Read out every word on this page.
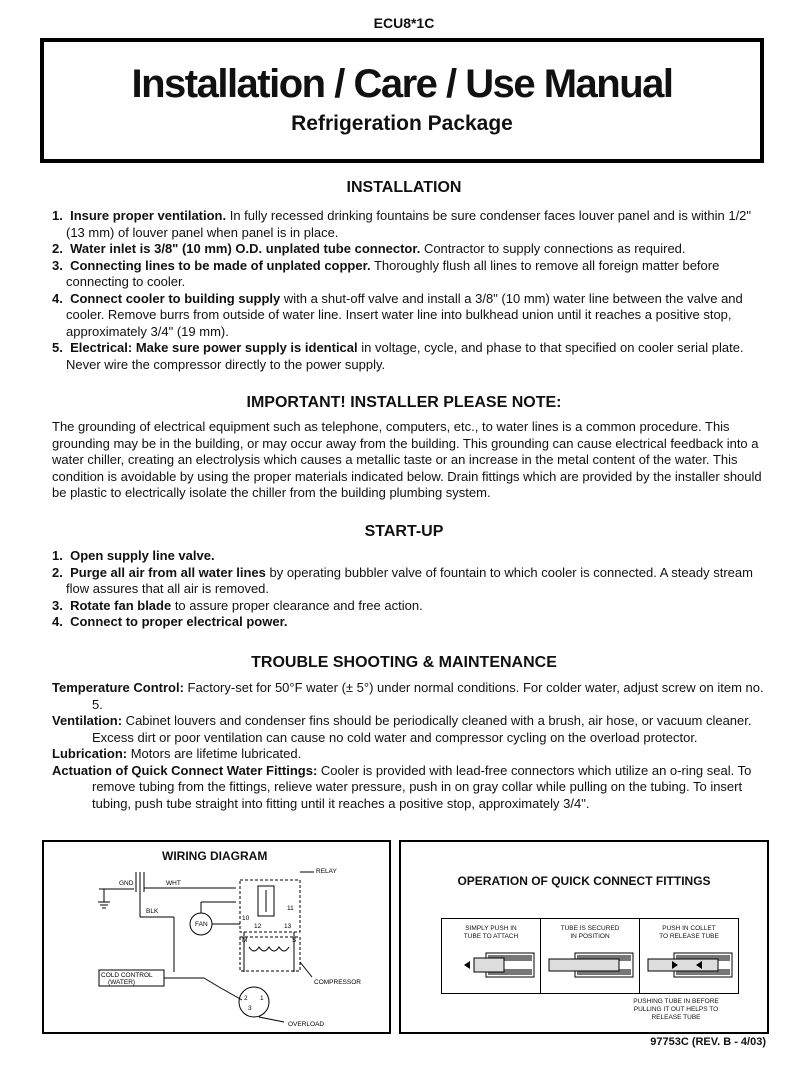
ECU8*1C
Installation / Care / Use Manual
Refrigeration Package
INSTALLATION
1. Insure proper ventilation. In fully recessed drinking fountains be sure condenser faces louver panel and is within 1/2" (13 mm) of louver panel when panel is in place.
2. Water inlet is 3/8" (10 mm) O.D. unplated tube connector. Contractor to supply connections as required.
3. Connecting lines to be made of unplated copper. Thoroughly flush all lines to remove all foreign matter before connecting to cooler.
4. Connect cooler to building supply with a shut-off valve and install a 3/8" (10 mm) water line between the valve and cooler. Remove burrs from outside of water line. Insert water line into bulkhead union until it reaches a positive stop, approximately 3/4" (19 mm).
5. Electrical: Make sure power supply is identical in voltage, cycle, and phase to that specified on cooler serial plate. Never wire the compressor directly to the power supply.
IMPORTANT! INSTALLER PLEASE NOTE:
The grounding of electrical equipment such as telephone, computers, etc., to water lines is a common procedure. This grounding may be in the building, or may occur away from the building. This grounding can cause electrical feedback into a water chiller, creating an electrolysis which causes a metallic taste or an increase in the metal content of the water. This condition is avoidable by using the proper materials indicated below. Drain fittings which are provided by the installer should be plastic to electrically isolate the chiller from the building plumbing system.
START-UP
1. Open supply line valve.
2. Purge all air from all water lines by operating bubbler valve of fountain to which cooler is connected. A steady stream flow assures that all air is removed.
3. Rotate fan blade to assure proper clearance and free action.
4. Connect to proper electrical power.
TROUBLE SHOOTING & MAINTENANCE

Temperature Control: Factory-set for 50°F water (± 5°) under normal conditions. For colder water, adjust screw on item no. 5.

Ventilation: Cabinet louvers and condenser fins should be periodically cleaned with a brush, air hose, or vacuum cleaner. Excess dirt or poor ventilation can cause no cold water and compressor cycling on the overload protector.

Lubrication: Motors are lifetime lubricated.

Actuation of Quick Connect Water Fittings: Cooler is provided with lead-free connectors which utilize an o-ring seal. To remove tubing from the fittings, relieve water pressure, push in on gray collar while pulling on the tubing. To insert tubing, push tube straight into fitting until it reaches a positive stop, approximately 3/4".

WIRING DIAGRAM
GND	WHT
BLK
FAN
RELAY
10
11
12	13
M	S
COMPRESSOR
COLD CONTROL
(WATER)
2 1
3
OVERLOAD
OPERATION OF QUICK CONNECT FITTINGS
SIMPLY PUSH IN
TUBE TO ATTACH
TUBE IS SECURED
IN POSITION
PUSH IN COLLET
TO RELEASE TUBE
PUSHING TUBE IN BEFORE
PULLING IT OUT HELPS TO
RELEASE TUBE
97753C (REV. B - 4/03)
